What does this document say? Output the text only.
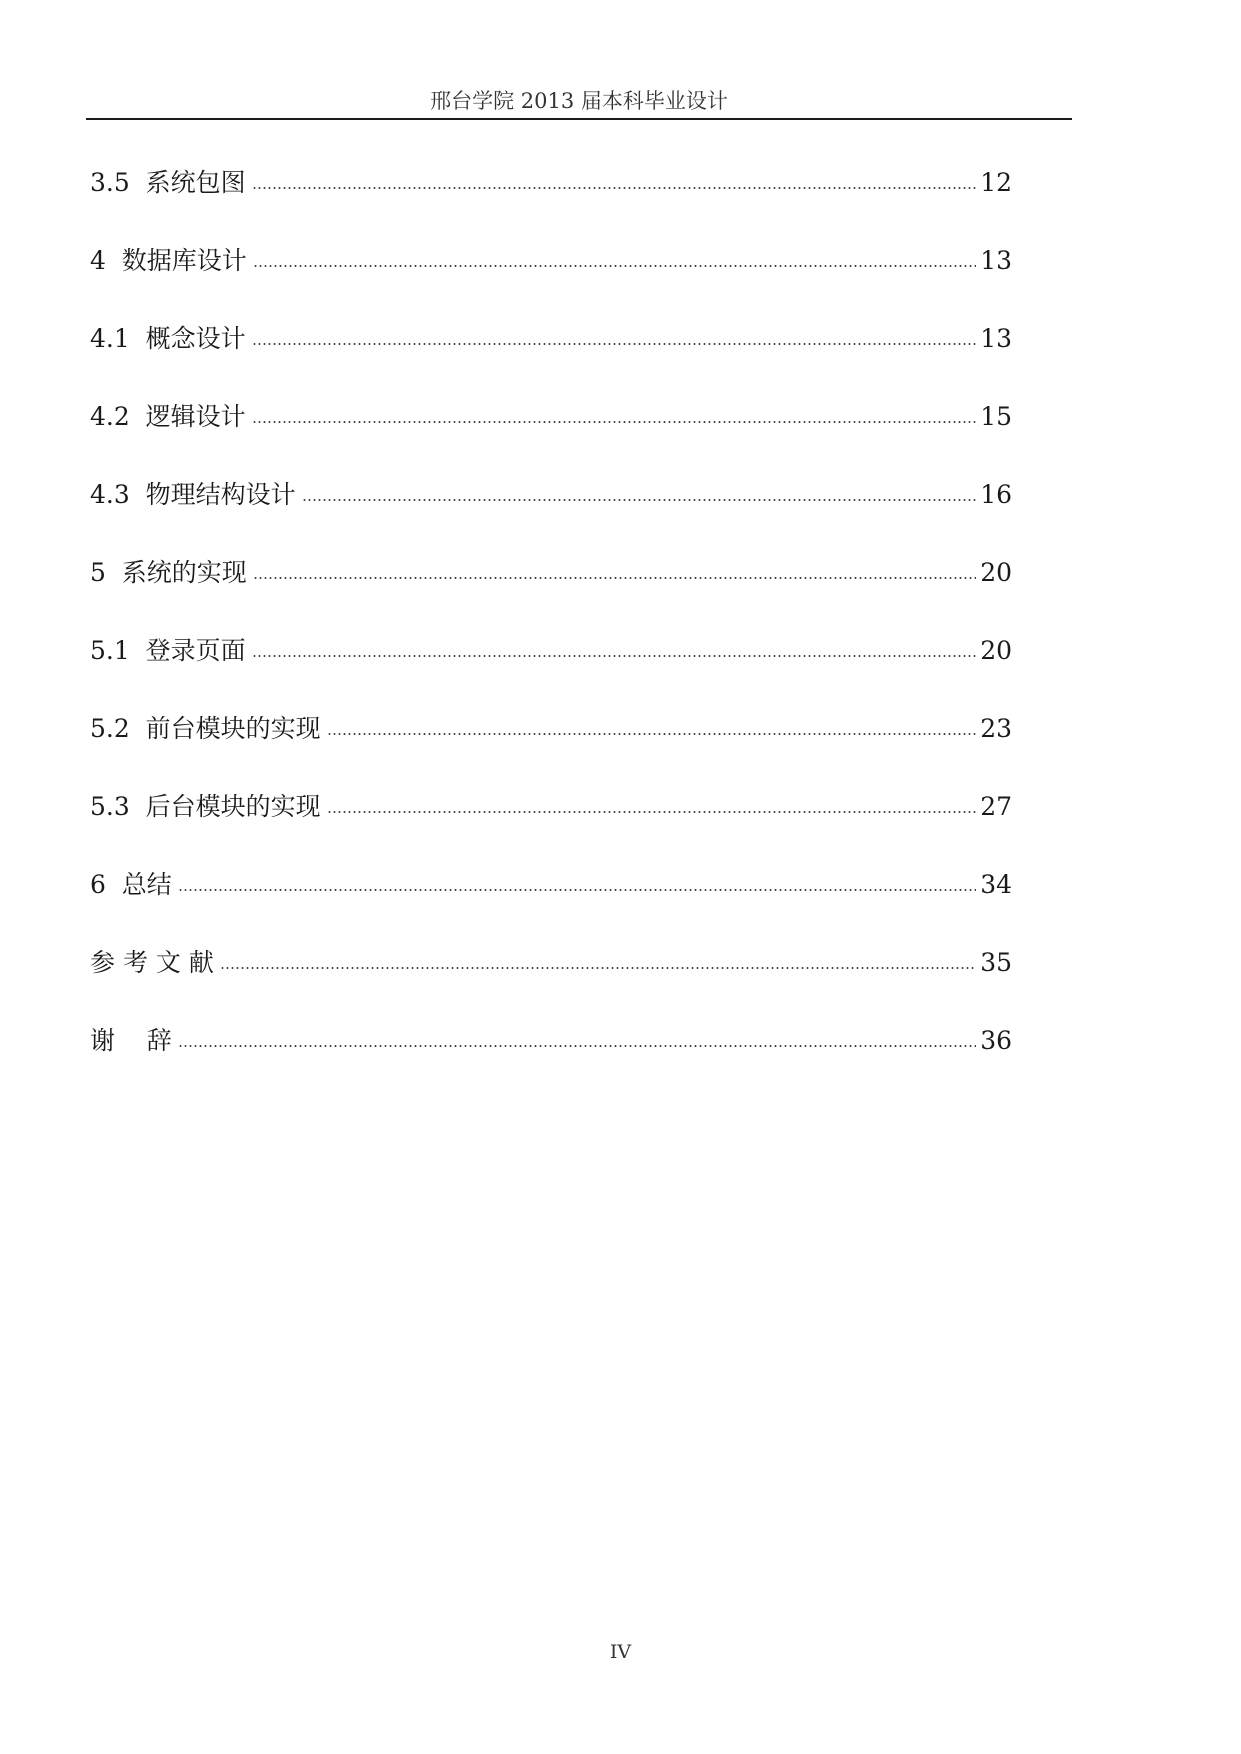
邢台学院 2013 届本科毕业设计
3.5  系统包图	12
4  数据库设计	13
4.1  概念设计	13
4.2  逻辑设计	15
4.3  物理结构设计	16
5  系统的实现	20
5.1  登录页面	20
5.2  前台模块的实现	23
5.3  后台模块的实现	27
6  总结	34
参 考 文 献	35
谢    辞	36
IV
